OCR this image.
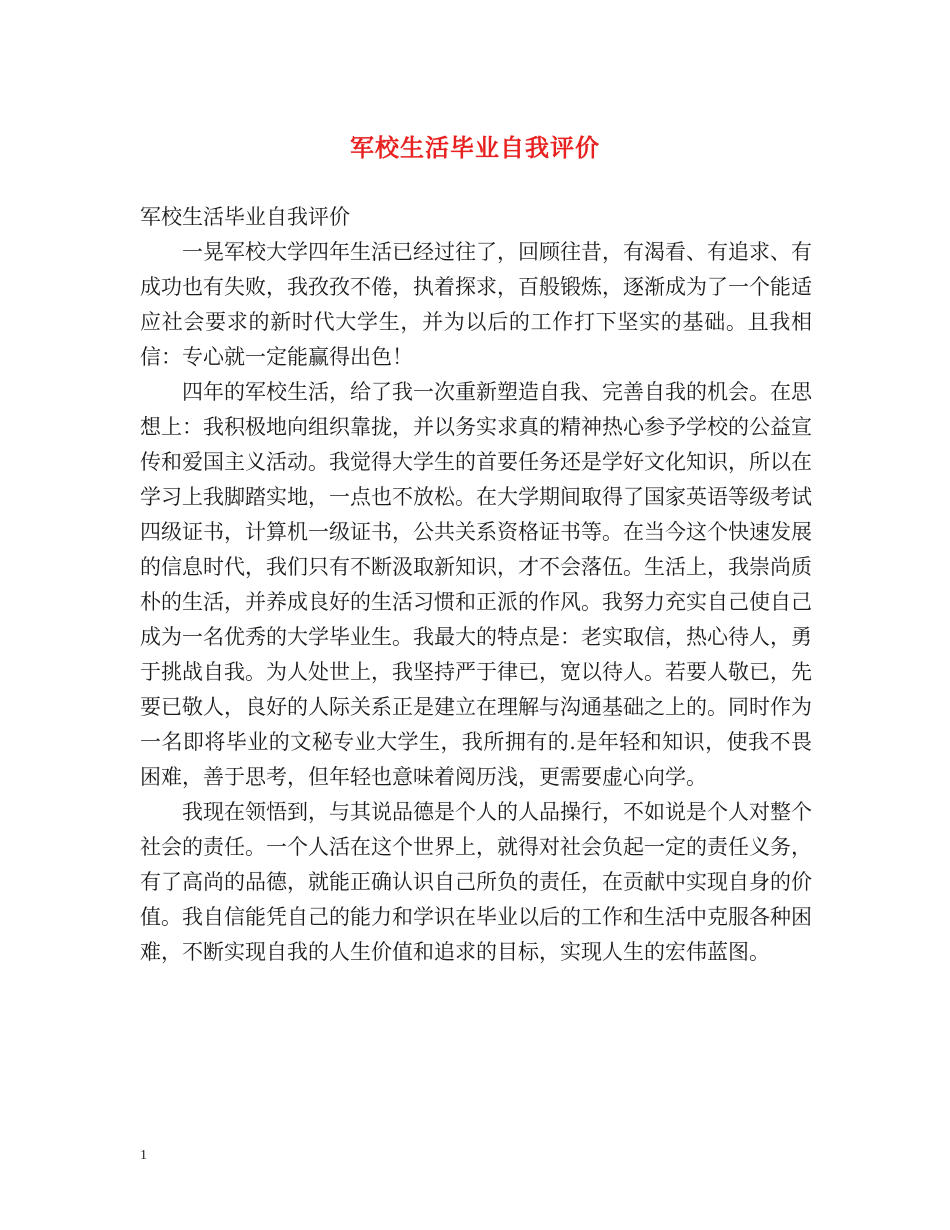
军校生活毕业自我评价

军校生活毕业自我评价

一晃军校大学四年生活已经过往了，回顾往昔，有渴看、有追求、有成功也有失败，我孜孜不倦，执着探求，百般锻炼，逐渐成为了一个能适应社会要求的新时代大学生，并为以后的工作打下坚实的基础。且我相信：专心就一定能赢得出色！

四年的军校生活，给了我一次重新塑造自我、完善自我的机会。在思想上：我积极地向组织靠拢，并以务实求真的精神热心参予学校的公益宣传和爱国主义活动。我觉得大学生的首要任务还是学好文化知识，所以在学习上我脚踏实地，一点也不放松。在大学期间取得了国家英语等级考试四级证书，计算机一级证书，公共关系资格证书等。在当今这个快速发展的信息时代，我们只有不断汲取新知识，才不会落伍。生活上，我崇尚质朴的生活，并养成良好的生活习惯和正派的作风。我努力充实自己使自己成为一名优秀的大学毕业生。我最大的特点是：老实取信，热心待人，勇于挑战自我。为人处世上，我坚持严于律已，宽以待人。若要人敬已，先要已敬人，良好的人际关系正是建立在理解与沟通基础之上的。同时作为一名即将毕业的文秘专业大学生，我所拥有的.是年轻和知识，使我不畏困难，善于思考，但年轻也意味着阅历浅，更需要虚心向学。

我现在领悟到，与其说品德是个人的人品操行，不如说是个人对整个社会的责任。一个人活在这个世界上，就得对社会负起一定的责任义务，有了高尚的品德，就能正确认识自己所负的责任，在贡献中实现自身的价值。我自信能凭自己的能力和学识在毕业以后的工作和生活中克服各种困难，不断实现自我的人生价值和追求的目标，实现人生的宏伟蓝图。

1
